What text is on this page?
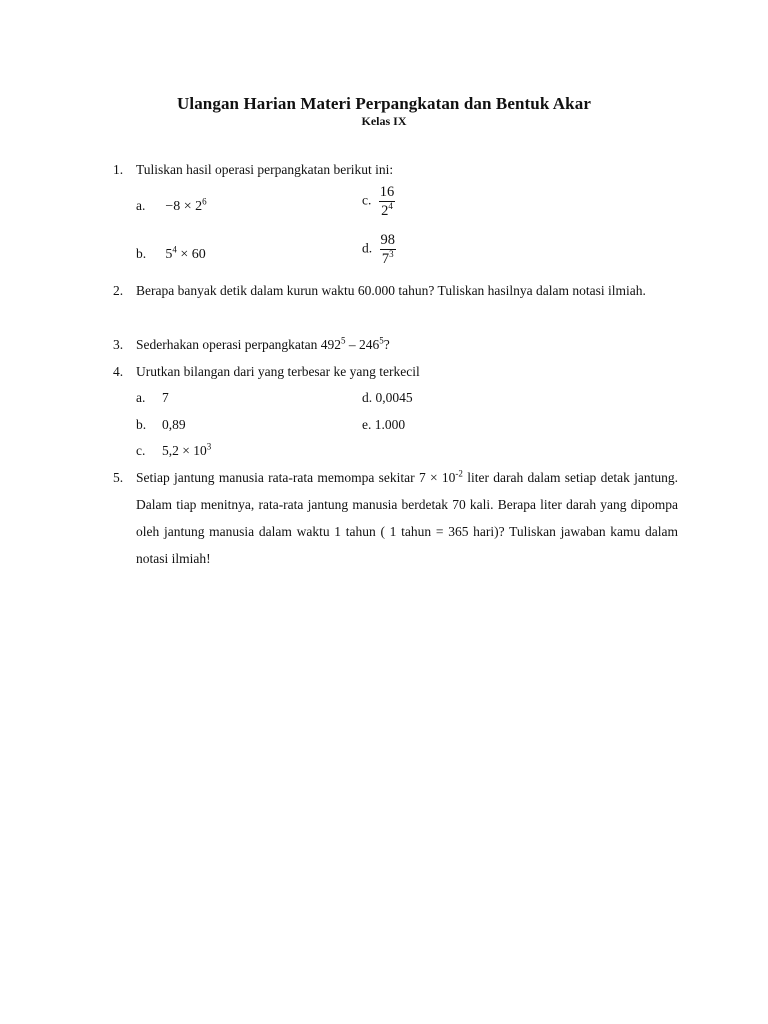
Ulangan Harian Materi Perpangkatan dan Bentuk Akar
Kelas IX
1. Tuliskan hasil operasi perpangkatan berikut ini:
a. $-8 \times 2^6$	c. $\frac{16}{2^4}$
b. $5^4 \times 60$	d. $\frac{98}{7^3}$
2. Berapa banyak detik dalam kurun waktu 60.000 tahun? Tuliskan hasilnya dalam notasi ilmiah.
3. Sederhakan operasi perpangkatan $492^5 - 246^5$?
4. Urutkan bilangan dari yang terbesar ke yang terkecil
a. 7	d. 0,0045
b. 0,89	e. 1.000
c. $5,2 \times 10^3$
5. Setiap jantung manusia rata-rata memompa sekitar $7 \times 10^{-2}$ liter darah dalam setiap detak jantung. Dalam tiap menitnya, rata-rata jantung manusia berdetak 70 kali. Berapa liter darah yang dipompa oleh jantung manusia dalam waktu 1 tahun ( 1 tahun = 365 hari)? Tuliskan jawaban kamu dalam notasi ilmiah!
